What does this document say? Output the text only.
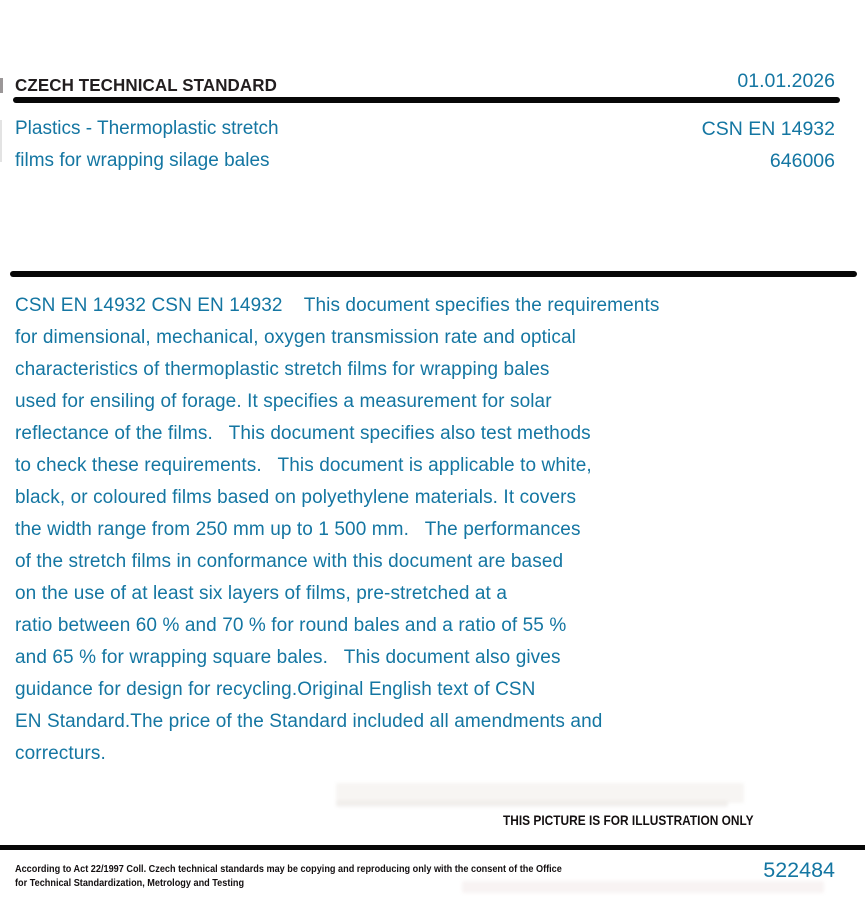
CZECH TECHNICAL STANDARD	01.01.2026
Plastics - Thermoplastic stretch
films for wrapping silage bales
CSN EN 14932
646006
CSN EN 14932 CSN EN 14932    This document specifies the requirements
for dimensional, mechanical, oxygen transmission rate and optical
characteristics of thermoplastic stretch films for wrapping bales
used for ensiling of forage. It specifies a measurement for solar
reflectance of the films.   This document specifies also test methods
to check these requirements.   This document is applicable to white,
black, or coloured films based on polyethylene materials. It covers
the width range from 250 mm up to 1 500 mm.   The performances
of the stretch films in conformance with this document are based
on the use of at least six layers of films, pre-stretched at a
ratio between 60 % and 70 % for round bales and a ratio of 55 %
and 65 % for wrapping square bales.   This document also gives
guidance for design for recycling.Original English text of CSN
EN Standard.The price of the Standard included all amendments and
correcturs.
THIS PICTURE IS FOR ILLUSTRATION ONLY
According to Act 22/1997 Coll. Czech technical standards may be copying and reproducing only with the consent of the Office
for Technical Standardization, Metrology and Testing
522484
